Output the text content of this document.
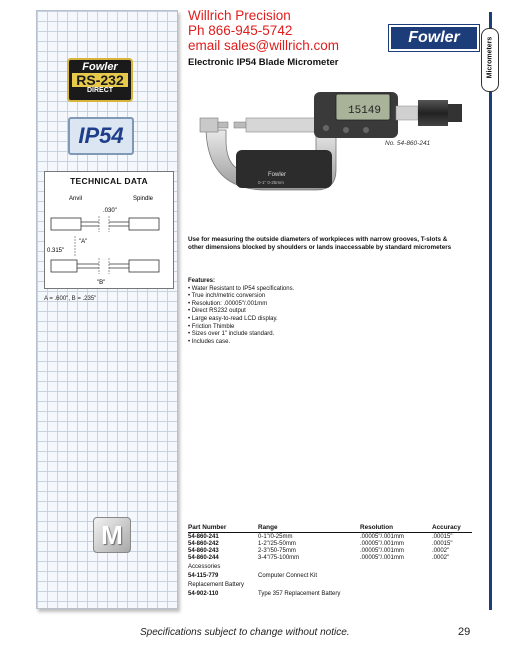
Fowler
RS-232
DIRECT
IP54
TECHNICAL DATA
Anvil	Spindle
.030"
"A"
0.315"
"B"
A = .600", B = .235"
M
Willrich Precision
Ph 866-945-5742
email sales@willrich.com	Fowler
Electronic IP54 Blade Micrometer	Micrometers
Fowler
0-1" 0-25mm
15149
No. 54-860-241
Use for measuring the outside diameters of workpieces with narrow grooves, T-slots & other dimensions blocked by shoulders or lands inaccessable by standard micrometers
Features:
• Water Resistant to IP54 specifications.
• True inch/metric conversion
• Resolution: .00005"/.001mm
• Direct RS232 output
• Large easy-to-read LCD display.
• Friction Thimble
• Sizes over 1" include standard.
• Includes case.
Part Number	Range	Resolution	Accuracy
54-860-241	0-1"/0-25mm	.00005"/.001mm	.00015"
54-860-242	1-2"/25-50mm	.00005"/.001mm	.00015"
54-860-243	2-3"/50-75mm	.00005"/.001mm	.0002"
54-860-244	3-4"/75-100mm	.00005"/.001mm	.0002"
Accessories
54-115-779	Computer Connect Kit
Replacement Battery
54-902-110	Type 357 Replacement Battery
Specifications subject to change without notice.	29
